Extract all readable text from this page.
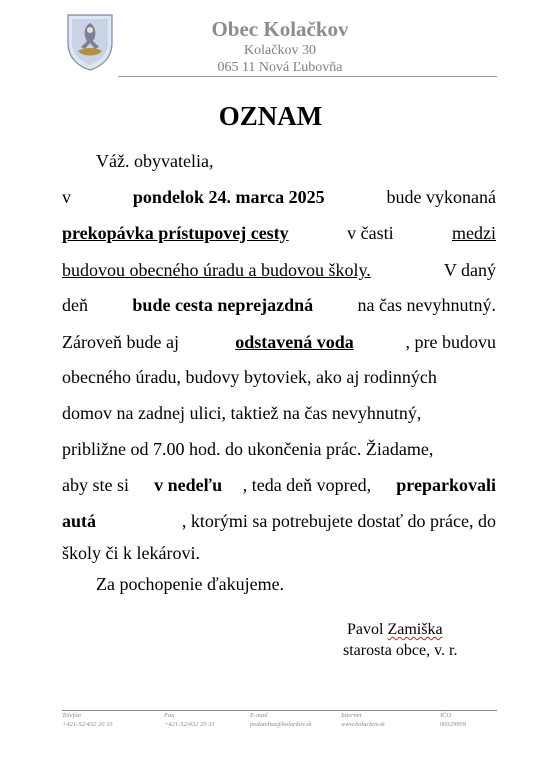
Obec Kolačkov
Kolačkov 30
065 11 Nová Ľubovňa
OZNAM
Váž. obyvatelia,
v	pondelok 24. marca 2025	bude vykonaná
prekopávka prístupovej cesty	v časti	medzi
budovou obecného úradu a budovou školy.	V daný
deň bude cesta neprejazdná na čas nevyhnutný.
Zároveň bude aj	odstavená voda	, pre budovu
obecného úradu, budovy bytoviek, ako aj rodinných
domov na zadnej ulici, taktiež na čas nevyhnutný,
približne od 7.00 hod. do ukončenia prác. Žiadame,
aby ste si v nedeľu , teda deň vopred, preparkovali
autá	, ktorými sa potrebujete dostať do práce, do
školy či k lekárovi.
Za pochopenie ďakujeme.
Pavol Zamiška
starosta obce, v. r.
Telefón
+421-52/432 20 33
Fax
+421-52/432 20 33
E-mail
podatelna@kolackov.sk
Internet
www.kolackov.sk
IČO
00329959
